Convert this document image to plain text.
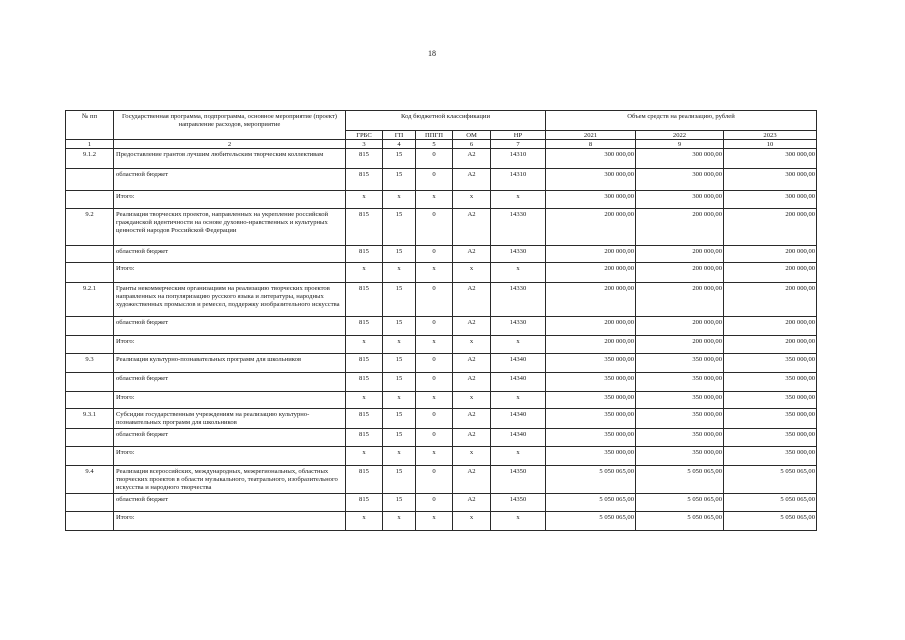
18
№ пп	Государственная программа, подпрограмма, основное мероприятие (проект) направление расходов, мероприятие	Код бюджетной классификации					Объем средств на реализацию, рублей		
		ГРБС	ГП	ППГП	ОМ	НР	2021	2022	2023
1	2	3	4	5	6	7	8	9	10
9.1.2	Предоставление грантов лучшим любительским творческим коллективам	815	15	0	А2	14310	300 000,00	300 000,00	300 000,00
	областной бюджет	815	15	0	А2	14310	300 000,00	300 000,00	300 000,00
	Итого:	х	х	х	х	х	300 000,00	300 000,00	300 000,00
9.2	Реализация творческих проектов, направленных на укрепление российской гражданской идентичности на основе духовно-нравственных и культурных ценностей народов Российской Федерации	815	15	0	А2	14330	200 000,00	200 000,00	200 000,00
	областной бюджет	815	15	0	А2	14330	200 000,00	200 000,00	200 000,00
	Итого:	х	х	х	х	х	200 000,00	200 000,00	200 000,00
9.2.1	Гранты некоммерческим организациям на реализацию творческих проектов направленных на популяризацию русского языка и литературы, народных художественных промыслов и ремесел, поддержку изобразительного искусства	815	15	0	А2	14330	200 000,00	200 000,00	200 000,00
	областной бюджет	815	15	0	А2	14330	200 000,00	200 000,00	200 000,00
	Итого:	х	х	х	х	х	200 000,00	200 000,00	200 000,00
9.3	Реализация культурно-познавательных программ для школьников	815	15	0	А2	14340	350 000,00	350 000,00	350 000,00
	областной бюджет	815	15	0	А2	14340	350 000,00	350 000,00	350 000,00
	Итого:	х	х	х	х	х	350 000,00	350 000,00	350 000,00
9.3.1	Субсидии государственным учреждениям на реализацию культурно-познавательных программ для школьников	815	15	0	А2	14340	350 000,00	350 000,00	350 000,00
	областной бюджет	815	15	0	А2	14340	350 000,00	350 000,00	350 000,00
	Итого:	х	х	х	х	х	350 000,00	350 000,00	350 000,00
9.4	Реализация всероссийских, международных, межрегиональных, областных творческих проектов в области музыкального, театрального, изобразительного искусства и народного творчества	815	15	0	А2	14350	5 050 065,00	5 050 065,00	5 050 065,00
	областной бюджет	815	15	0	А2	14350	5 050 065,00	5 050 065,00	5 050 065,00
	Итого:	х	х	х	х	х	5 050 065,00	5 050 065,00	5 050 065,00
